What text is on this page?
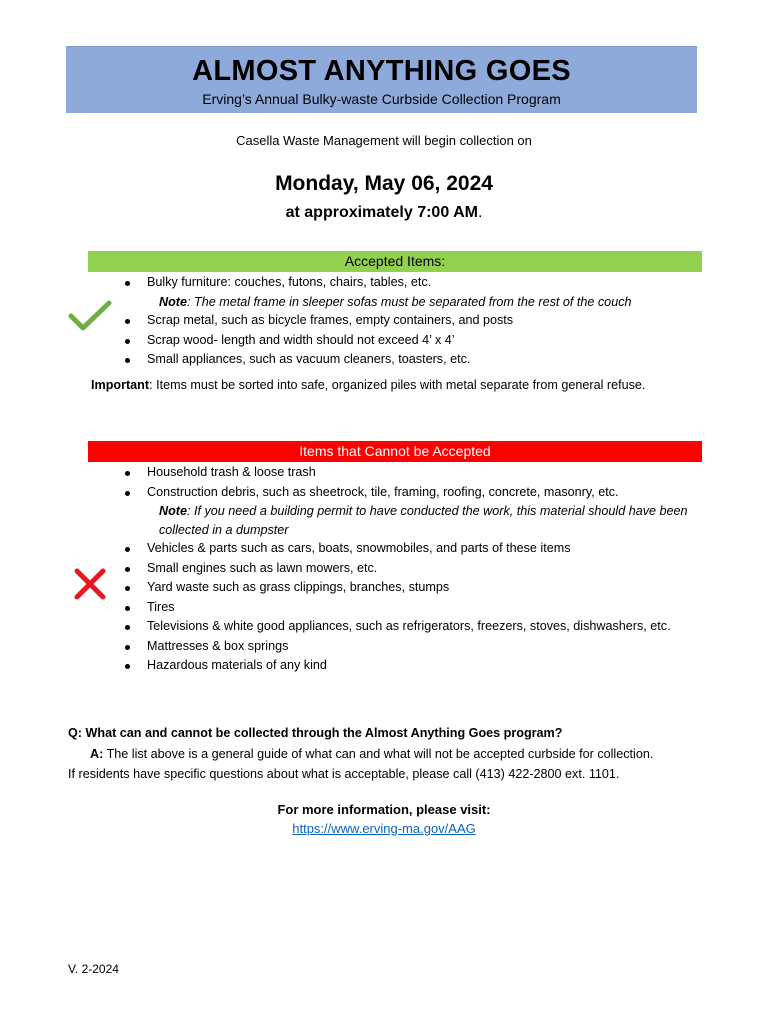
ALMOST ANYTHING GOES
Erving’s Annual Bulky-waste Curbside Collection Program
Casella Waste Management will begin collection on
Monday, May 06, 2024
at approximately 7:00 AM.
Accepted Items:
Bulky furniture: couches, futons, chairs, tables, etc.
Note: The metal frame in sleeper sofas must be separated from the rest of the couch
Scrap metal, such as bicycle frames, empty containers, and posts
Scrap wood- length and width should not exceed 4’ x 4’
Small appliances, such as vacuum cleaners, toasters, etc.
Important: Items must be sorted into safe, organized piles with metal separate from general refuse.
Items that Cannot be Accepted
Household trash & loose trash
Construction debris, such as sheetrock, tile, framing, roofing, concrete, masonry, etc.
Note: If you need a building permit to have conducted the work, this material should have been collected in a dumpster
Vehicles & parts such as cars, boats, snowmobiles, and parts of these items
Small engines such as lawn mowers, etc.
Yard waste such as grass clippings, branches, stumps
Tires
Televisions & white good appliances, such as refrigerators, freezers, stoves, dishwashers, etc.
Mattresses & box springs
Hazardous materials of any kind
Q: What can and cannot be collected through the Almost Anything Goes program?
A: The list above is a general guide of what can and what will not be accepted curbside for collection.
If residents have specific questions about what is acceptable, please call (413) 422-2800 ext. 1101.
For more information, please visit:
https://www.erving-ma.gov/AAG
V. 2-2024
